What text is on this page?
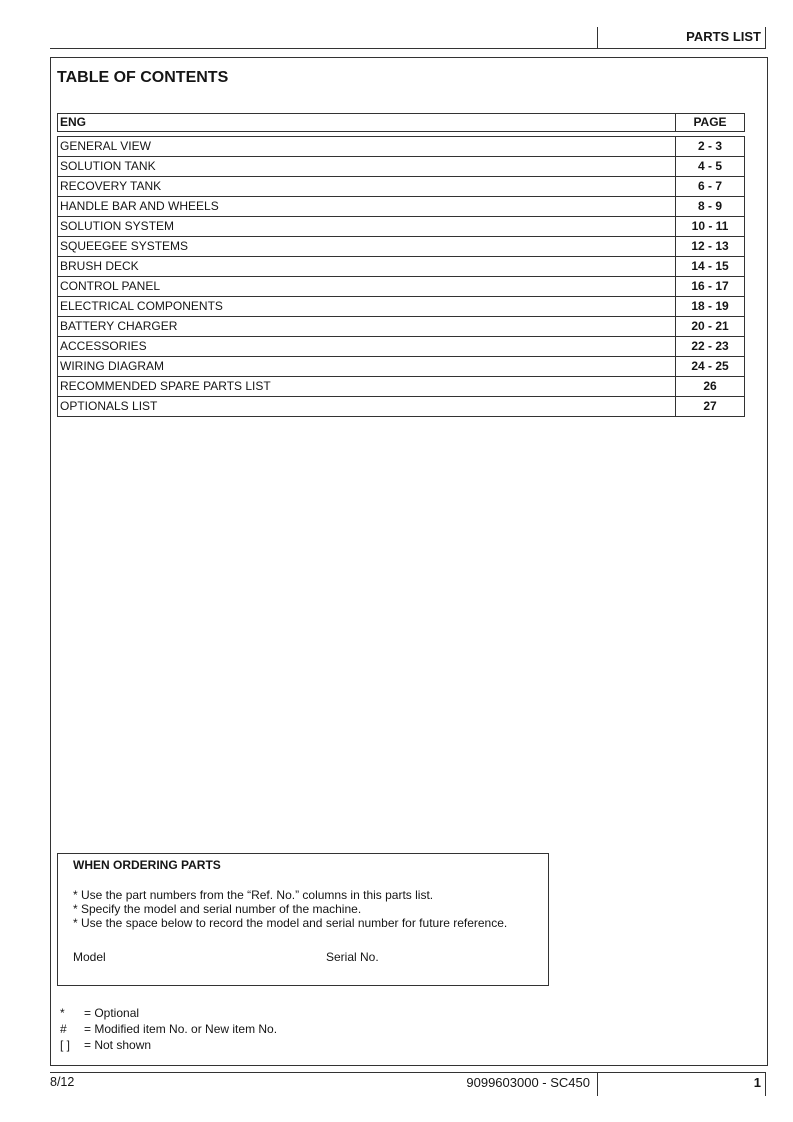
PARTS LIST
TABLE OF CONTENTS
ENG	PAGE
GENERAL VIEW	2 - 3
SOLUTION TANK	4 - 5
RECOVERY TANK	6 - 7
HANDLE BAR AND WHEELS	8 - 9
SOLUTION SYSTEM	10 - 11
SQUEEGEE SYSTEMS	12 - 13
BRUSH DECK	14 - 15
CONTROL PANEL	16 - 17
ELECTRICAL COMPONENTS	18 - 19
BATTERY CHARGER	20 - 21
ACCESSORIES	22 - 23
WIRING DIAGRAM	24 - 25
RECOMMENDED SPARE PARTS LIST	26
OPTIONALS LIST	27
WHEN ORDERING PARTS
* Use the part numbers from the “Ref. No.” columns in this parts list.
* Specify the model and serial number of the machine.
* Use the space below to record the model and serial number for future reference.
Model	Serial No.
* = Optional
# = Modified item No. or New item No.
[ ] = Not shown
8/12	9099603000 - SC450	1
